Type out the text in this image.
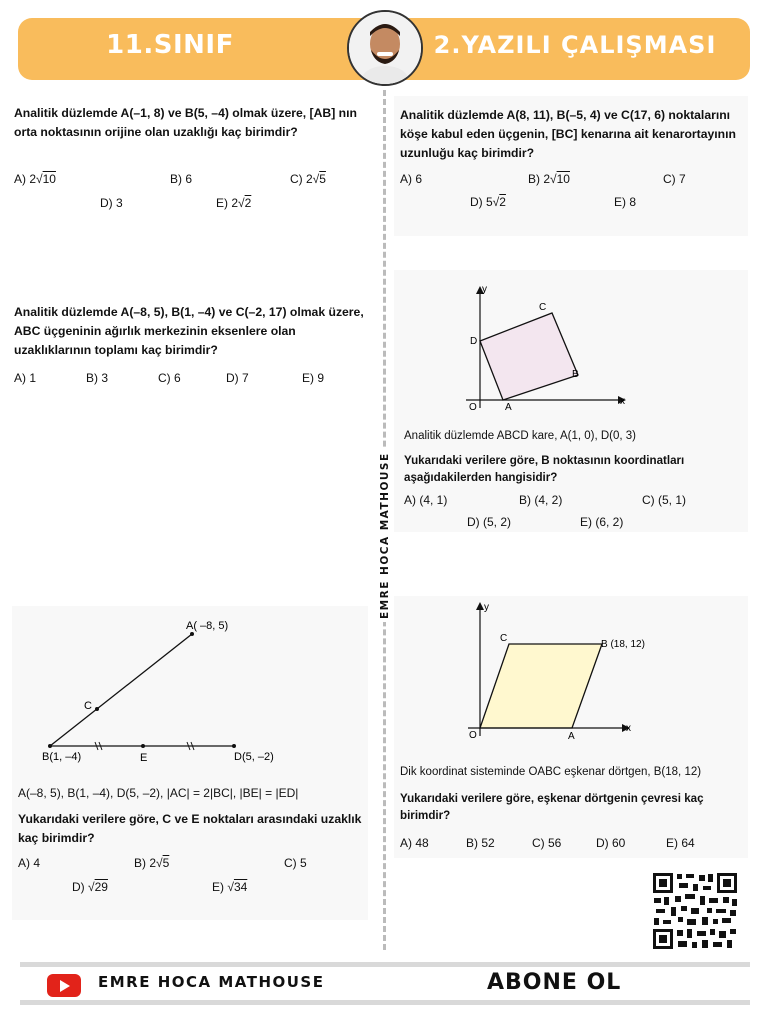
11.SINIF	2.YAZILI ÇALIŞMASI
EMRE HOCA MATHOUSE
Analitik düzlemde A(–1, 8) ve B(5, –4) olmak üzere, [AB] nın orta noktasının orijine olan uzaklığı kaç birimdir?
A) 2√10	B) 6	C) 2√5
D) 3	E) 2√2
Analitik düzlemde A(–8, 5), B(1, –4) ve C(–2, 17) olmak üzere, ABC üçgeninin ağırlık merkezinin eksenlere olan uzaklıklarının toplamı kaç birimdir?
A) 1	B) 3	C) 6	D) 7	E) 9
A( –8, 5)
C
B(1, –4)	E	D(5, –2)
A(–8, 5), B(1, –4), D(5, –2), |AC| = 2|BC|, |BE| = |ED|
Yukarıdaki verilere göre, C ve E noktaları arasındaki uzaklık kaç birimdir?
A) 4	B) 2√5	C) 5
D) √29	E) √34
Analitik düzlemde A(8, 11), B(–5, 4) ve C(17, 6) noktalarını köşe kabul eden üçgenin, [BC] kenarına ait kenarortayının uzunluğu kaç birimdir?
A) 6	B) 2√10	C) 7
D) 5√2	E) 8
y
x
O	A
B
C
D
Analitik düzlemde ABCD kare, A(1, 0), D(0, 3)
Yukarıdaki verilere göre, B noktasının koordinatları aşağıdakilerden hangisidir?
A) (4, 1)	B) (4, 2)	C) (5, 1)
D) (5, 2)	E) (6, 2)
y
x
O	A
C
B (18, 12)
Dik koordinat sisteminde OABC eşkenar dörtgen, B(18, 12)
Yukarıdaki verilere göre, eşkenar dörtgenin çevresi kaç birimdir?
A) 48	B) 52	C) 56	D) 60	E) 64
EMRE HOCA MATHOUSE	ABONE OL
